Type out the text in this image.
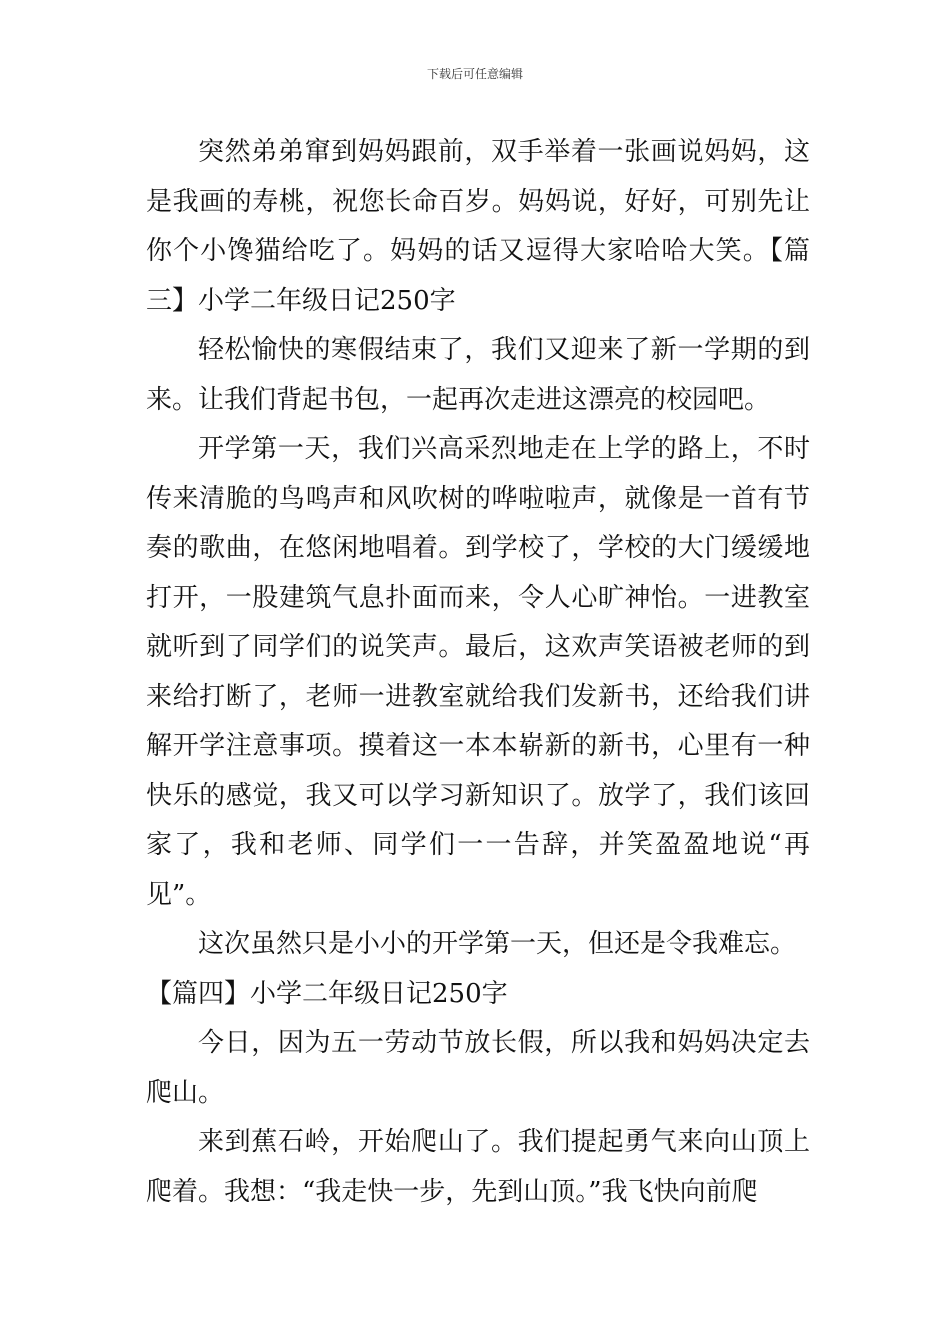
下载后可任意编辑

突然弟弟窜到妈妈跟前，双手举着一张画说妈妈，这是我画的寿桃，祝您长命百岁。妈妈说，好好，可别先让你个小馋猫给吃了。妈妈的话又逗得大家哈哈大笑。【篇三】小学二年级日记250字

轻松愉快的寒假结束了，我们又迎来了新一学期的到来。让我们背起书包，一起再次走进这漂亮的校园吧。

开学第一天，我们兴高采烈地走在上学的路上，不时传来清脆的鸟鸣声和风吹树的哗啦啦声，就像是一首有节奏的歌曲，在悠闲地唱着。到学校了，学校的大门缓缓地打开，一股建筑气息扑面而来，令人心旷神怡。一进教室就听到了同学们的说笑声。最后，这欢声笑语被老师的到来给打断了，老师一进教室就给我们发新书，还给我们讲解开学注意事项。摸着这一本本崭新的新书，心里有一种快乐的感觉，我又可以学习新知识了。放学了，我们该回家了，我和老师、同学们一一告辞，并笑盈盈地说“再见”。

这次虽然只是小小的开学第一天，但还是令我难忘。

【篇四】小学二年级日记250字

今日，因为五一劳动节放长假，所以我和妈妈决定去爬山。

来到蕉石岭，开始爬山了。我们提起勇气来向山顶上爬着。我想：“我走快一步，先到山顶。”我飞快向前爬
